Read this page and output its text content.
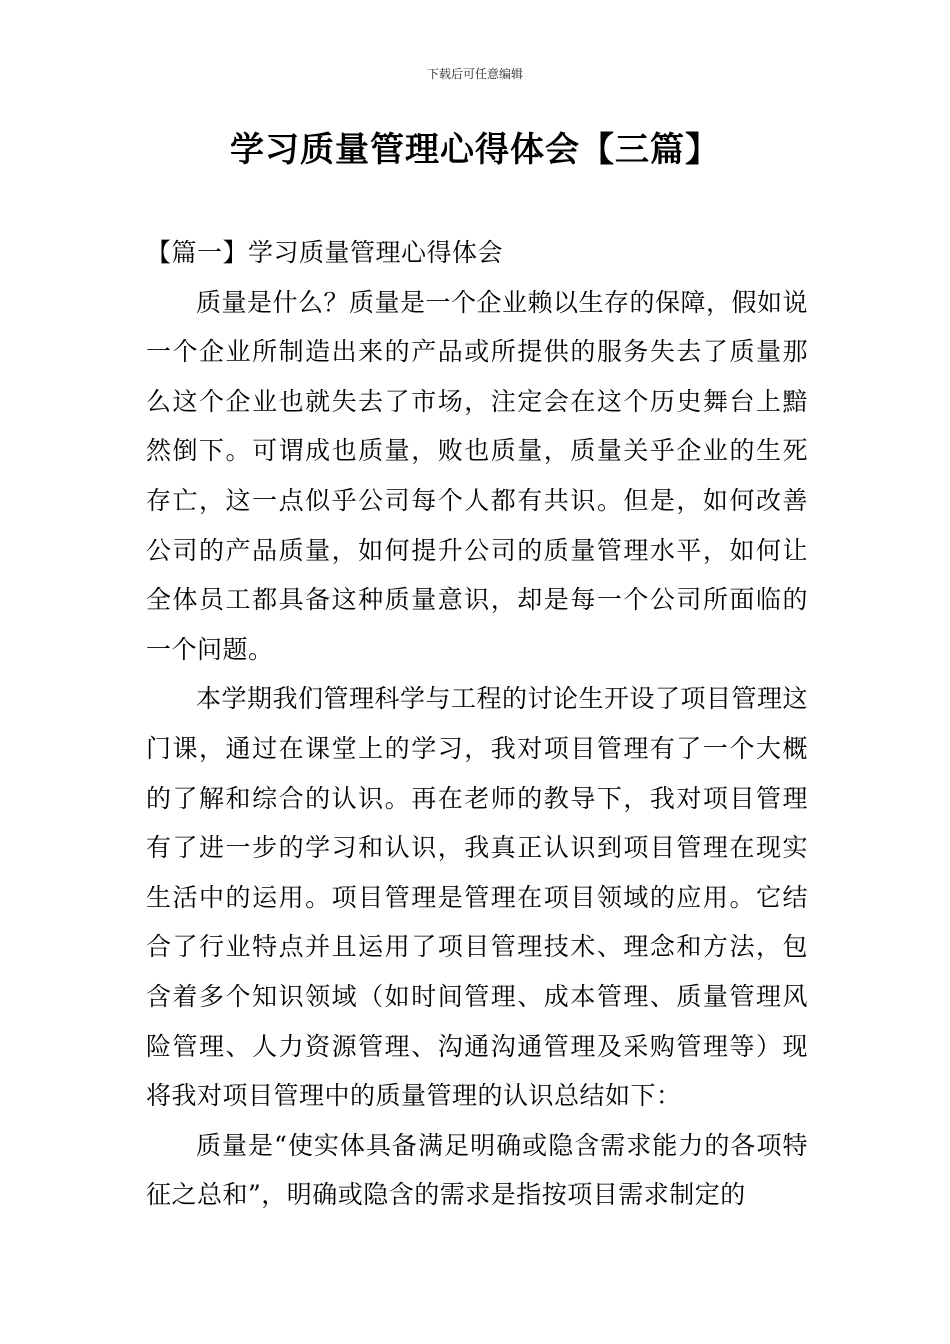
下载后可任意编辑
学习质量管理心得体会【三篇】

【篇一】学习质量管理心得体会

质量是什么？质量是一个企业赖以生存的保障，假如说一个企业所制造出来的产品或所提供的服务失去了质量那么这个企业也就失去了市场，注定会在这个历史舞台上黯然倒下。可谓成也质量，败也质量，质量关乎企业的生死存亡，这一点似乎公司每个人都有共识。但是，如何改善公司的产品质量，如何提升公司的质量管理水平，如何让全体员工都具备这种质量意识，却是每一个公司所面临的一个问题。

本学期我们管理科学与工程的讨论生开设了项目管理这门课，通过在课堂上的学习，我对项目管理有了一个大概的了解和综合的认识。再在老师的教导下，我对项目管理有了进一步的学习和认识，我真正认识到项目管理在现实生活中的运用。项目管理是管理在项目领域的应用。它结合了行业特点并且运用了项目管理技术、理念和方法，包含着多个知识领域（如时间管理、成本管理、质量管理风险管理、人力资源管理、沟通沟通管理及采购管理等）现将我对项目管理中的质量管理的认识总结如下：

质量是“使实体具备满足明确或隐含需求能力的各项特征之总和”，明确或隐含的需求是指按项目需求制定的
